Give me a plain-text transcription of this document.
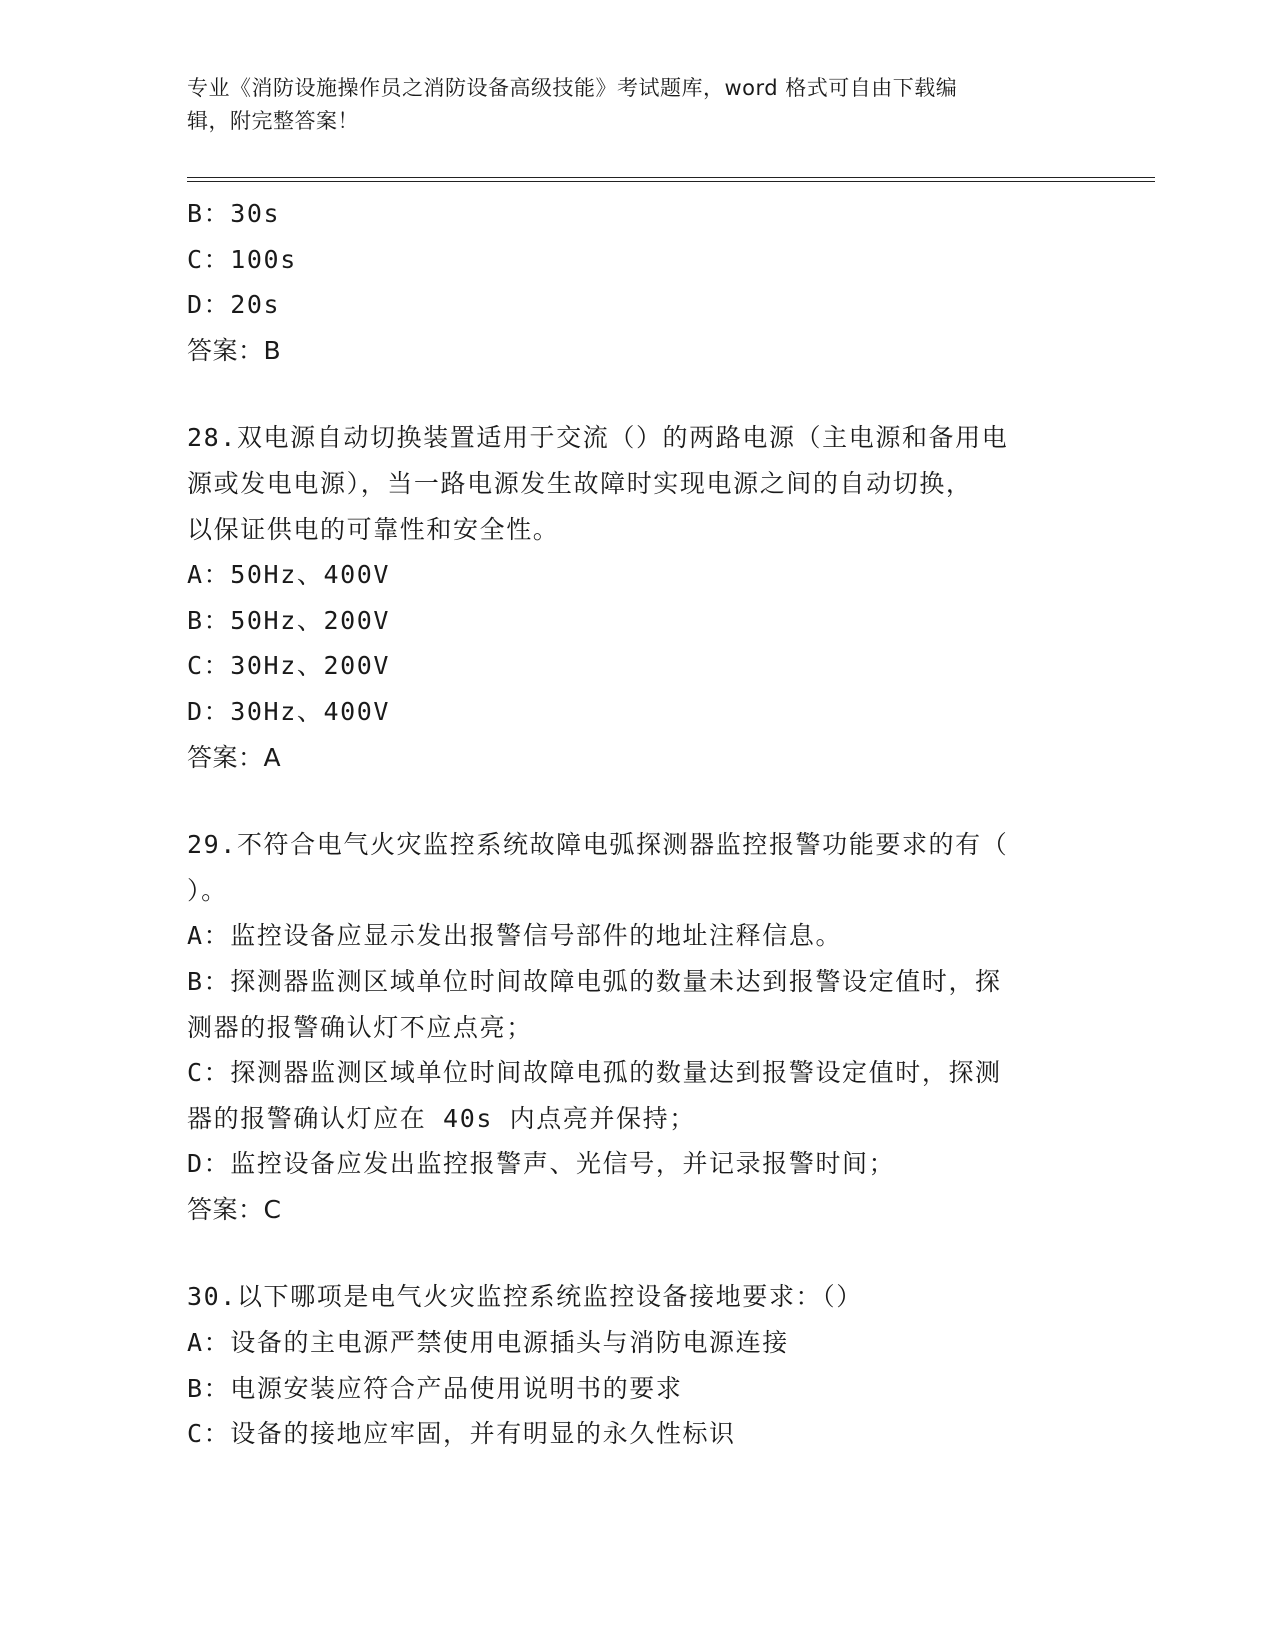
专业《消防设施操作员之消防设备高级技能》考试题库，word 格式可自由下载编
辑，附完整答案！
B：30s
C：100s
D：20s
答案：B
28.双电源自动切换装置适用于交流（）的两路电源（主电源和备用电
源或发电电源），当一路电源发生故障时实现电源之间的自动切换，
以保证供电的可靠性和安全性。
A：50Hz、400V
B：50Hz、200V
C：30Hz、200V
D：30Hz、400V
答案：A
29.不符合电气火灾监控系统故障电弧探测器监控报警功能要求的有（
）。
A：监控设备应显示发出报警信号部件的地址注释信息。
B：探测器监测区域单位时间故障电弧的数量未达到报警设定值时，探
测器的报警确认灯不应点亮；
C：探测器监测区域单位时间故障电孤的数量达到报警设定值时，探测
器的报警确认灯应在 40s 内点亮并保持；
D：监控设备应发出监控报警声、光信号，并记录报警时间；
答案：C
30.以下哪项是电气火灾监控系统监控设备接地要求：（）
A：设备的主电源严禁使用电源插头与消防电源连接
B：电源安装应符合产品使用说明书的要求
C：设备的接地应牢固，并有明显的永久性标识
